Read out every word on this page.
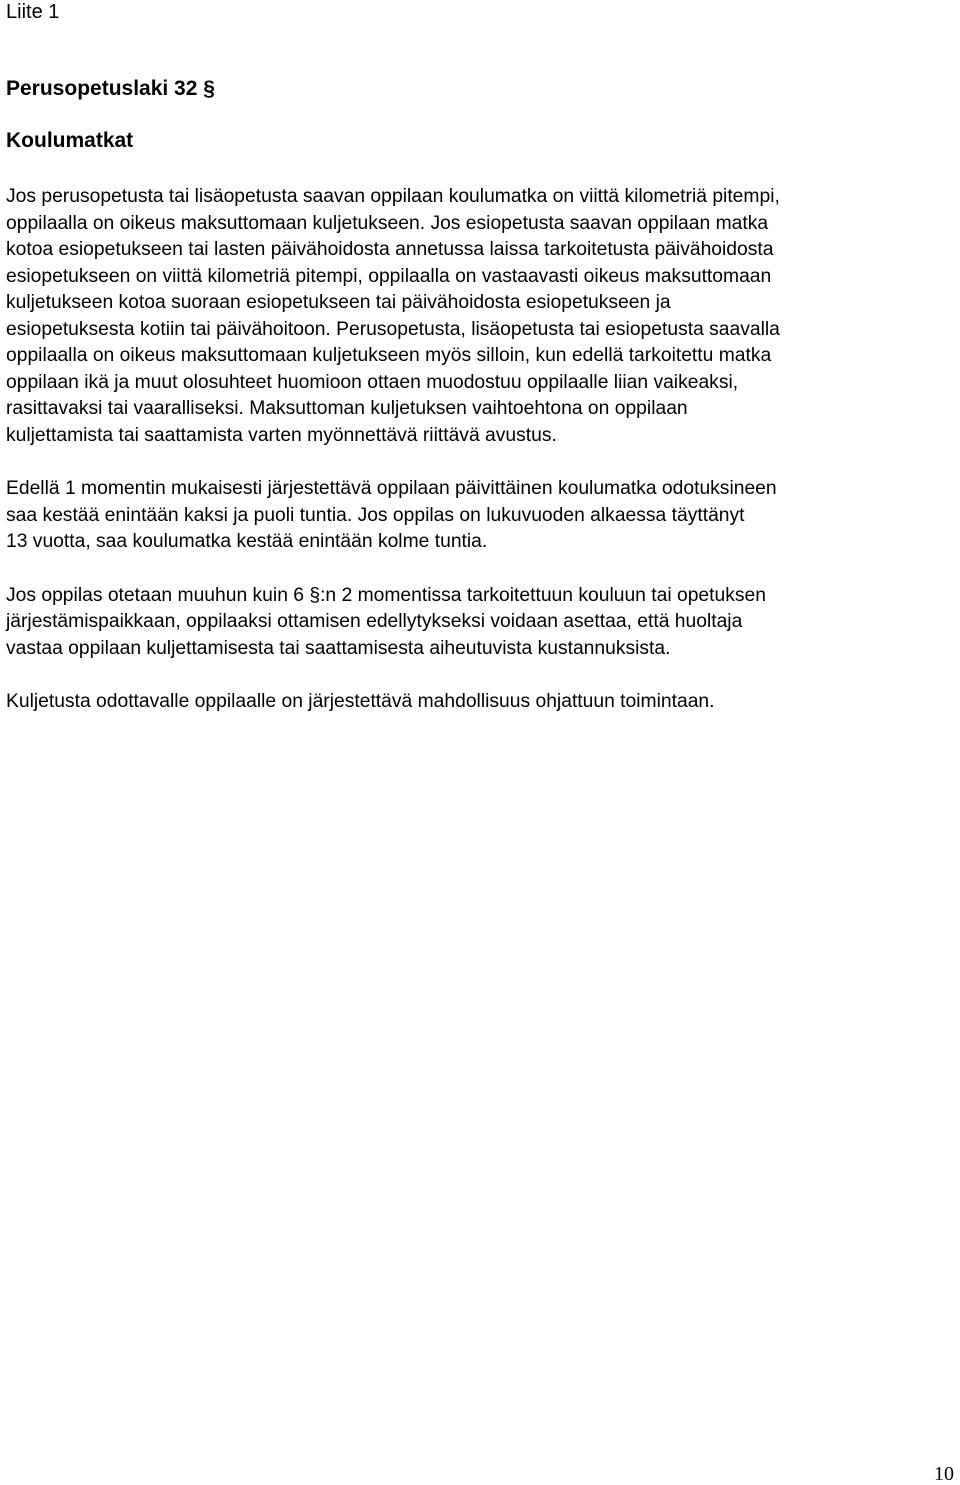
Liite 1

Perusopetuslaki 32 §
Koulumatkat

Jos perusopetusta tai lisäopetusta saavan oppilaan koulumatka on viittä kilometriä pitempi,
oppilaalla on oikeus maksuttomaan kuljetukseen. Jos esiopetusta saavan oppilaan matka
kotoa esiopetukseen tai lasten päivähoidosta annetussa laissa tarkoitetusta päivähoidosta
esiopetukseen on viittä kilometriä pitempi, oppilaalla on vastaavasti oikeus maksuttomaan
kuljetukseen kotoa suoraan esiopetukseen tai päivähoidosta esiopetukseen ja
esiopetuksesta kotiin tai päivähoitoon. Perusopetusta, lisäopetusta tai esiopetusta saavalla
oppilaalla on oikeus maksuttomaan kuljetukseen myös silloin, kun edellä tarkoitettu matka
oppilaan ikä ja muut olosuhteet huomioon ottaen muodostuu oppilaalle liian vaikeaksi,
rasittavaksi tai vaaralliseksi. Maksuttoman kuljetuksen vaihtoehtona on oppilaan
kuljettamista tai saattamista varten myönnettävä riittävä avustus.

Edellä 1 momentin mukaisesti järjestettävä oppilaan päivittäinen koulumatka odotuksineen
saa kestää enintään kaksi ja puoli tuntia. Jos oppilas on lukuvuoden alkaessa täyttänyt
13 vuotta, saa koulumatka kestää enintään kolme tuntia.

Jos oppilas otetaan muuhun kuin 6 §:n 2 momentissa tarkoitettuun kouluun tai opetuksen
järjestämispaikkaan, oppilaaksi ottamisen edellytykseksi voidaan asettaa, että huoltaja
vastaa oppilaan kuljettamisesta tai saattamisesta aiheutuvista kustannuksista.

Kuljetusta odottavalle oppilaalle on järjestettävä mahdollisuus ohjattuun toimintaan.

10
